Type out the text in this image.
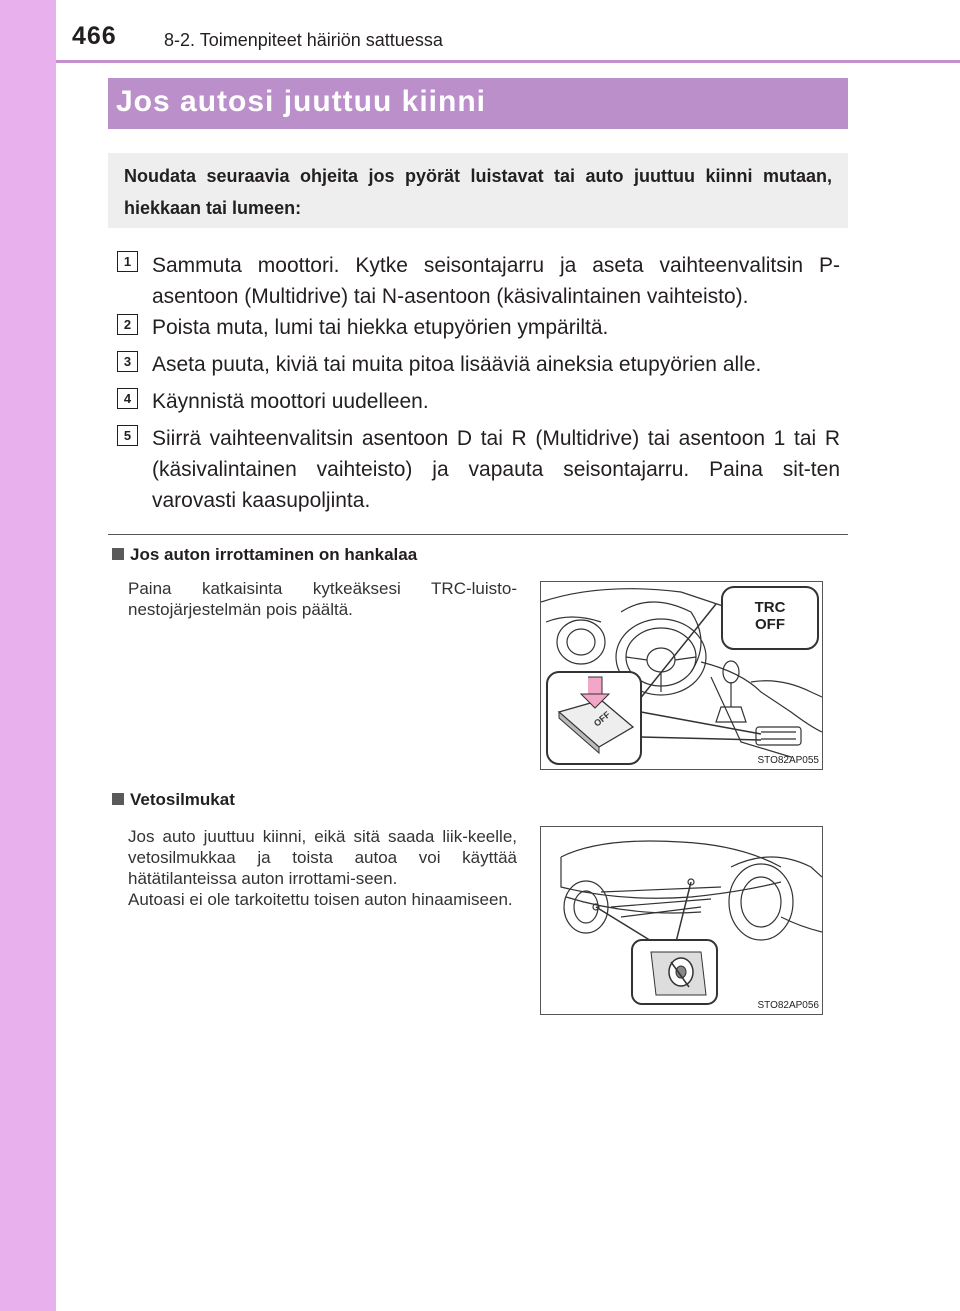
466	8-2. Toimenpiteet häiriön sattuessa
Jos autosi juuttuu kiinni
Noudata seuraavia ohjeita jos pyörät luistavat tai auto juuttuu kiinni mutaan, hiekkaan tai lumeen:
1 Sammuta moottori. Kytke seisontajarru ja aseta vaihteenvalitsin P-asentoon (Multidrive) tai N-asentoon (käsivalintainen vaihteisto).
2 Poista muta, lumi tai hiekka etupyörien ympäriltä.
3 Aseta puuta, kiviä tai muita pitoa lisääviä aineksia etupyörien alle.
4 Käynnistä moottori uudelleen.
5 Siirrä vaihteenvalitsin asentoon D tai R (Multidrive) tai asentoon 1 tai R (käsivalintainen vaihteisto) ja vapauta seisontajarru. Paina sit-ten varovasti kaasupoljinta.
Jos auton irrottaminen on hankalaa
Paina katkaisinta kytkeäksesi TRC-luisto-nestojärjestelmän pois päältä.	TRC
OFF
OFF
STO82AP055
Vetosilmukat
Jos auto juuttuu kiinni, eikä sitä saada liik-keelle, vetosilmukkaa ja toista autoa voi käyttää hätätilanteissa auton irrottami-seen.
Autoasi ei ole tarkoitettu toisen auton hinaamiseen.
STO82AP056
